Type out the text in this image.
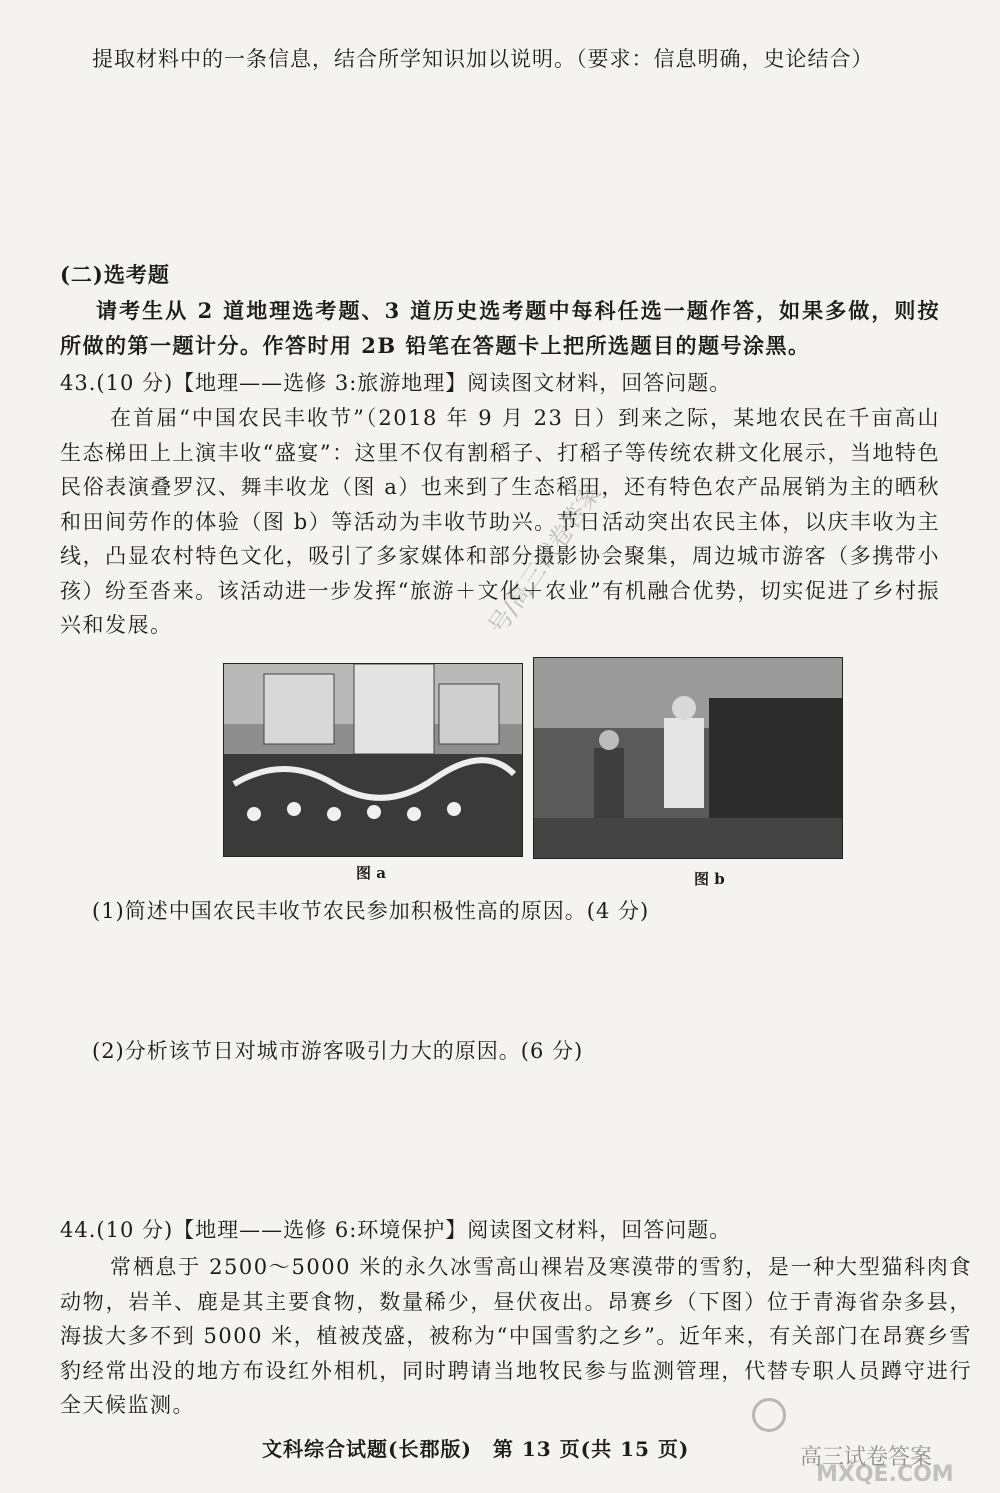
提取材料中的一条信息，结合所学知识加以说明。（要求：信息明确，史论结合）
(二)选考题
请考生从 2 道地理选考题、3 道历史选考题中每科任选一题作答，如果多做，则按所做的第一题计分。作答时用 2B 铅笔在答题卡上把所选题目的题号涂黑。
43.(10 分)【地理——选修 3:旅游地理】阅读图文材料，回答问题。
在首届“中国农民丰收节”（2018 年 9 月 23 日）到来之际，某地农民在千亩高山生态梯田上上演丰收“盛宴”：这里不仅有割稻子、打稻子等传统农耕文化展示，当地特色民俗表演叠罗汉、舞丰收龙（图 a）也来到了生态稻田，还有特色农产品展销为主的晒秋和田间劳作的体验（图 b）等活动为丰收节助兴。节日活动突出农民主体，以庆丰收为主线，凸显农村特色文化，吸引了多家媒体和部分摄影协会聚集，周边城市游客（多携带小孩）纷至沓来。该活动进一步发挥“旅游＋文化＋农业”有机融合优势，切实促进了乡村振兴和发展。
图 a	图 b
(1)简述中国农民丰收节农民参加积极性高的原因。(4 分)
(2)分析该节日对城市游客吸引力大的原因。(6 分)
44.(10 分)【地理——选修 6:环境保护】阅读图文材料，回答问题。
常栖息于 2500～5000 米的永久冰雪高山裸岩及寒漠带的雪豹，是一种大型猫科肉食动物，岩羊、鹿是其主要食物，数量稀少，昼伏夜出。昂赛乡（下图）位于青海省杂多县，海拔大多不到 5000 米，植被茂盛，被称为“中国雪豹之乡”。近年来，有关部门在昂赛乡雪豹经常出没的地方布设红外相机，同时聘请当地牧民参与监测管理，代替专职人员蹲守进行全天候监测。
文科综合试题(长郡版)　第 13 页(共 15 页)
号/高三试卷答案
高三试卷答案
MXQE.COM
